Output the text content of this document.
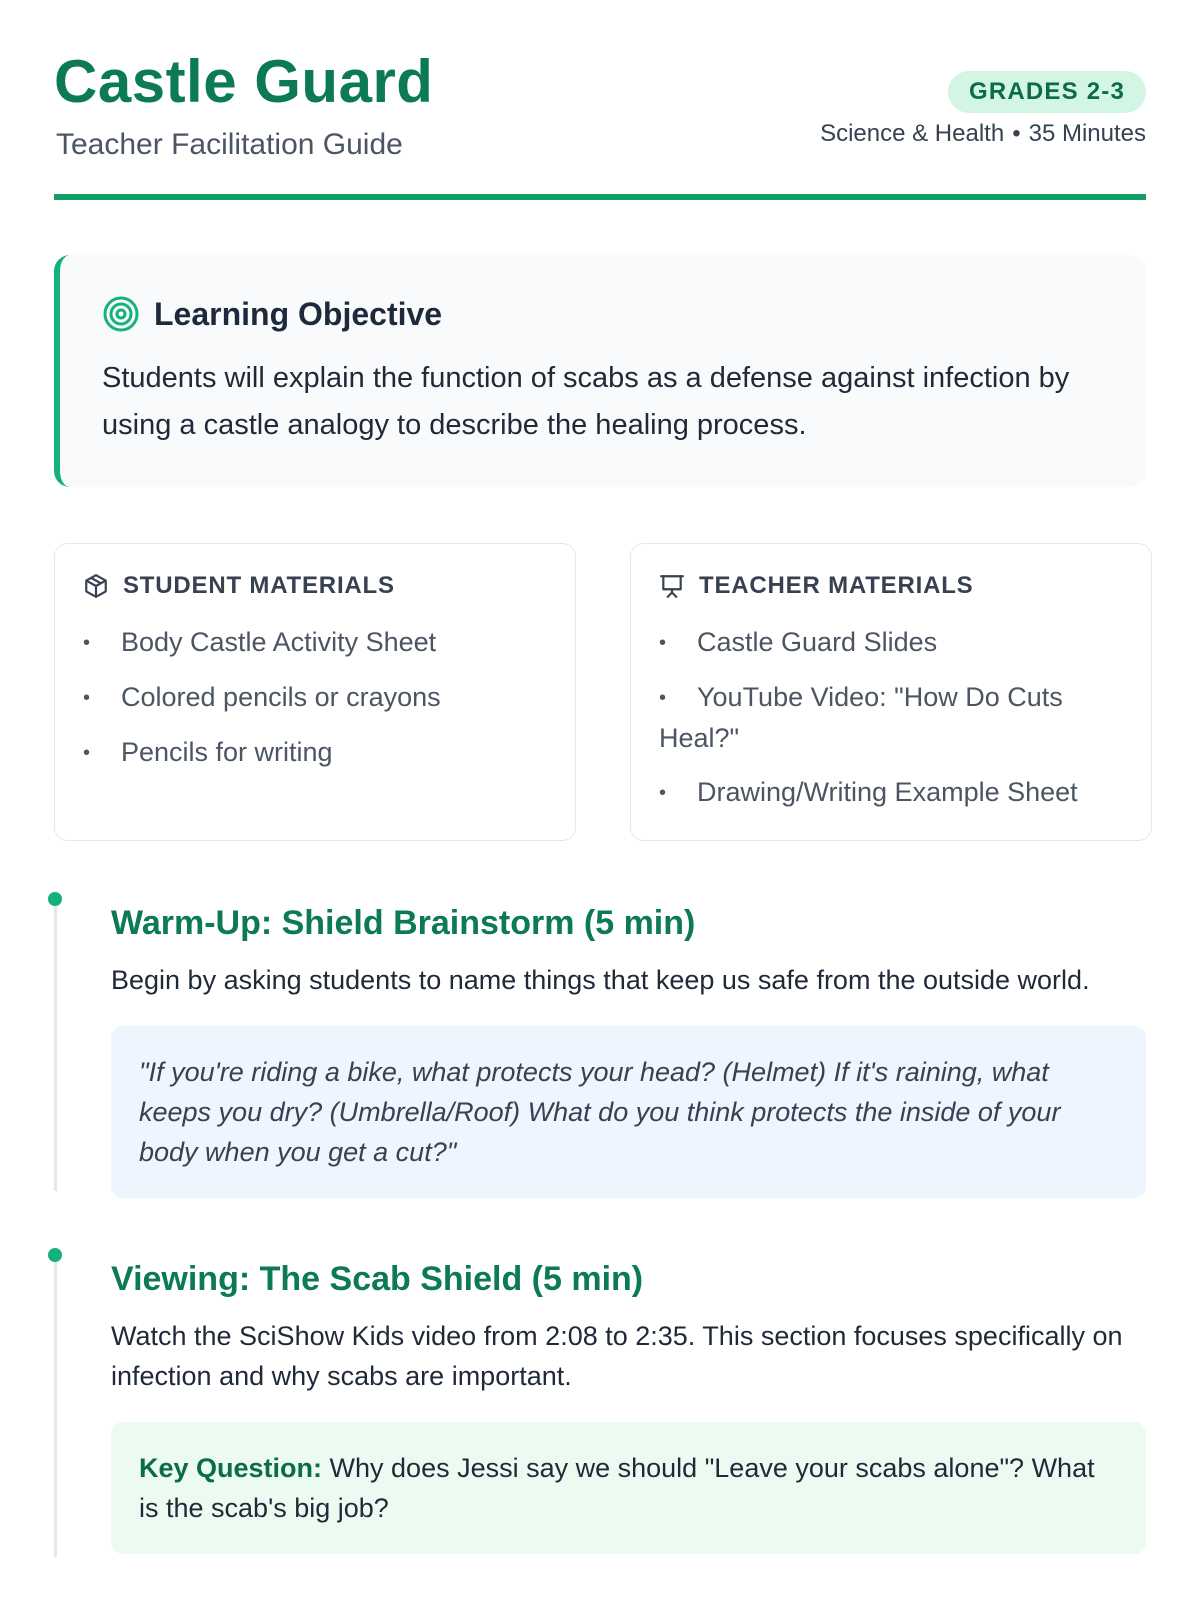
Castle Guard
Teacher Facilitation Guide
GRADES 2-3
Science & Health • 35 Minutes
Learning Objective
Students will explain the function of scabs as a defense against infection by using a castle analogy to describe the healing process.
STUDENT MATERIALS
• Body Castle Activity Sheet
• Colored pencils or crayons
• Pencils for writing
TEACHER MATERIALS
• Castle Guard Slides
• YouTube Video: "How Do Cuts Heal?"
• Drawing/Writing Example Sheet
Warm-Up: Shield Brainstorm (5 min)
Begin by asking students to name things that keep us safe from the outside world.
"If you're riding a bike, what protects your head? (Helmet) If it's raining, what keeps you dry? (Umbrella/Roof) What do you think protects the inside of your body when you get a cut?"
Viewing: The Scab Shield (5 min)
Watch the SciShow Kids video from 2:08 to 2:35. This section focuses specifically on infection and why scabs are important.
Key Question: Why does Jessi say we should "Leave your scabs alone"? What is the scab's big job?
